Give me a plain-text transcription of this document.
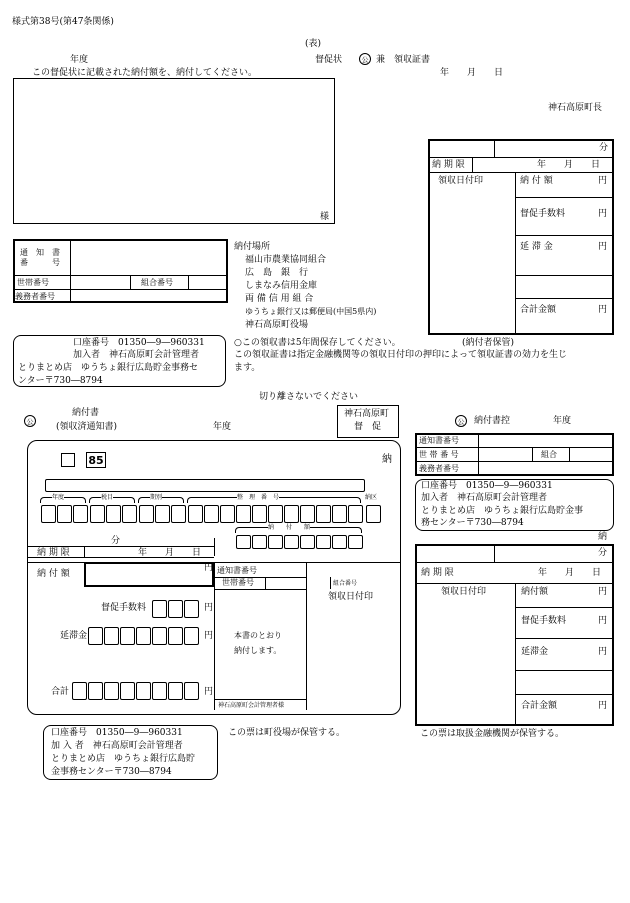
様式第38号(第47条関係)
(表)
年度	督促状	公 兼　領収証書
この督促状に記載された納付額を、納付してください。	年　　月　　日
様
神石高原町長
分
納 期 限	年　　月　　日
領収日付印	納 付 額	円
督促手数料	円
延 滞 金	円
合計金額	円
通　知　書
番　　　号
世帯番号	組合番号
義務者番号
納付場所
福山市農業協同組合
広　島　銀　行
しまなみ信用金庫
両 備 信 用 組 合
ゆうちょ銀行又は郵便局(中国5県内)
神石高原町役場
口座番号　01350―9―960331
加入者　神石高原町会計管理者
とりまとめ店　ゆうちょ銀行広島貯金事務セ
ンター〒730―8794
○この領収書は5年間保存してください。	(納付者保管)
この領収証書は指定金融機関等の領収日付印の押印によって領収証書の効力を生じ
ます。
切り離さないでください
公
納付書
(領収済通知書)	年度
神石高原町
督　促
85	納
年度	税目	期別	整　理　番　号	納区
納　　付　　額
分
納 期 限	年　　月　　日
納 付 額
円 通知書番号
世帯番号	組合番号
領収日付印
督促手数料	円
延滞金	円
合計	円
本書のとおり
納付します。
神石高原町会計管理者様
口座番号　01350―9―960331
加 入 者　神石高原町会計管理者
とりまとめ店　ゆうちょ銀行広島貯
金事務センター〒730―8794
この票は町役場が保管する。
公 納付書控	年度
通知書番号
世 帯 番 号	組合
義務者番号
口座番号　01350―9―960331
加入者　神石高原町会計管理者
とりまとめ店　ゆうちょ銀行広島貯金事
務センター〒730―8794
納
分
納 期 限	年　　月　　日
領収日付印	納付額	円
督促手数料	円
延滞金	円
合計金額	円
この票は取扱金融機関が保管する。
